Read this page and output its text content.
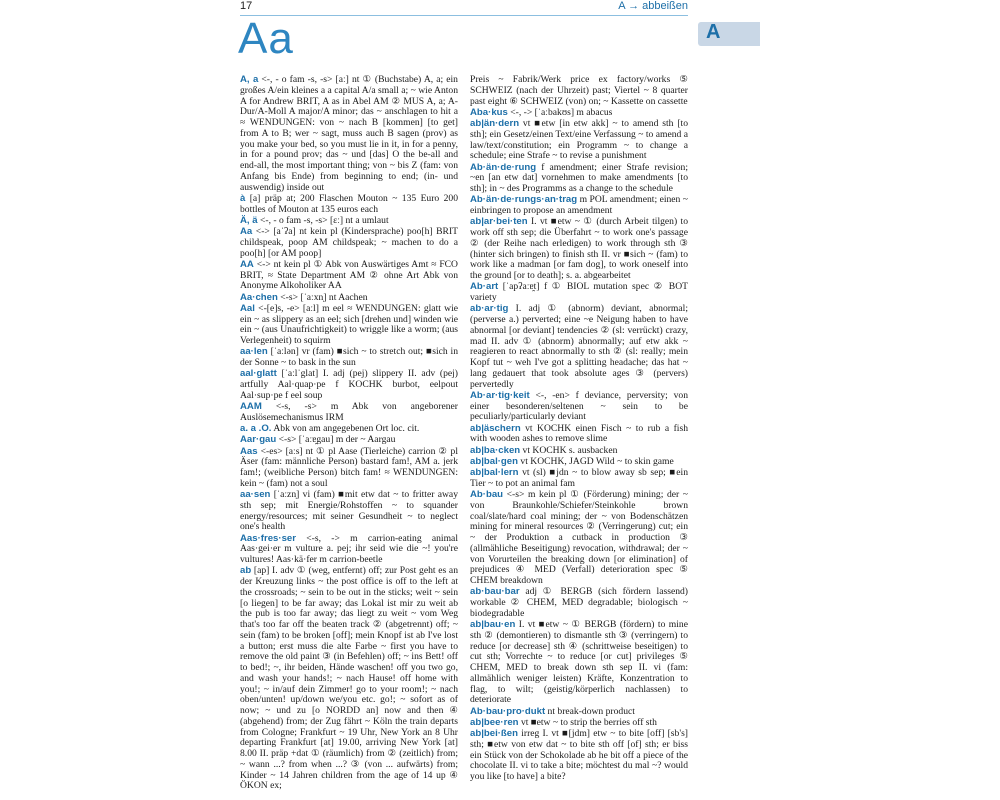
17	A → abbeißen
Aa	A

A, a <-, - o fam -s, -s> [aː] nt ① (Buchstabe) A, a; ein großes A/ein kleines a a capital A/a small a; ~ wie Anton A for Andrew BRIT, A as in Abel AM ② MUS A, a; A-Dur/A-Moll A major/A minor; das ~ anschlagen to hit a ≈ WENDUNGEN: von ~ nach B [kommen] [to get] from A to B; wer ~ sagt, muss auch B sagen (prov) as you make your bed, so you must lie in it, in for a penny, in for a pound prov; das ~ und [das] O the be-all and end-all, the most important thing; von ~ bis Z (fam: von Anfang bis Ende) from beginning to end; (in- und auswendig) inside out

à [a] präp at; 200 Flaschen Mouton ~ 135 Euro 200 bottles of Mouton at 135 euros each

Ä, ä <-, - o fam -s, -s> [ɛː] nt a umlaut

Aa <-> [aˈʔa] nt kein pl (Kindersprache) poo[h] BRIT childspeak, poop AM childspeak; ~ machen to do a poo[h] [or AM poop]

AA <-> nt kein pl ① Abk von Auswärtiges Amt ≈ FCO BRIT, ≈ State Department AM ② ohne Art Abk von Anonyme Alkoholiker AA

Aa·chen <-s> [ˈaːxn̩] nt Aachen

Aal <-[e]s, -e> [aːl] m eel ≈ WENDUNGEN: glatt wie ein ~ as slippery as an eel; sich [drehen und] winden wie ein ~ (aus Unaufrichtigkeit) to wriggle like a worm; (aus Verlegenheit) to squirm

aa·len [ˈaːlən] vr (fam) ■sich ~ to stretch out; ■sich in der Sonne ~ to bask in the sun

aal·glatt [ˈaːlˈglat] I. adj (pej) slippery II. adv (pej) artfully Aal·quap·pe f KOCHK burbot, eelpout Aal·sup·pe f eel soup

AAM <-s, -s> m Abk von angeborener Auslösemechanismus IRM

a. a .O. Abk von am angegebenen Ort loc. cit.

Aar·gau <-s> [ˈaːɐ̯gau] m der ~ Aargau

Aas <-es> [aːs] nt ① pl Aase (Tierleiche) carrion ② pl Äser (fam: männliche Person) bastard fam!, AM a. jerk fam!; (weibliche Person) bitch fam! ≈ WENDUNGEN: kein ~ (fam) not a soul

aa·sen [ˈaːzn̩] vi (fam) ■mit etw dat ~ to fritter away sth sep; mit Energie/Rohstoffen ~ to squander energy/resources; mit seiner Gesundheit ~ to neglect one's health

Aas·fres·ser <-s, -> m carrion-eating animal Aas·gei·er m vulture a. pej; ihr seid wie die ~! you're vultures! Aas·kä·fer m carrion-beetle

ab [ap] I. adv ① (weg, entfernt) off; zur Post geht es an der Kreuzung links ~ the post office is off to the left at the crossroads; ~ sein to be out in the sticks; weit ~ sein [o liegen] to be far away; das Lokal ist mir zu weit ab the pub is too far away; das liegt zu weit ~ vom Weg that's too far off the beaten track ② (abgetrennt) off; ~ sein (fam) to be broken [off]; mein Knopf ist ab I've lost a button; erst muss die alte Farbe ~ first you have to remove the old paint ③ (in Befehlen) off; ~ ins Bett! off to bed!; ~, ihr beiden, Hände waschen! off you two go, and wash your hands!; ~ nach Hause! off home with you!; ~ in/auf dein Zimmer! go to your room!; ~ nach oben/unten! up/down we/you etc. go!; ~ sofort as of now; ~ und zu [o NORDD an] now and then ④ (abgehend) from; der Zug fährt ~ Köln the train departs from Cologne; Frankfurt ~ 19 Uhr, New York an 8 Uhr departing Frankfurt [at] 19.00, arriving New York [at] 8.00 II. präp +dat ① (räumlich) from ② (zeitlich) from; ~ wann ...? from when ...? ③ (von ... aufwärts) from; Kinder ~ 14 Jahren children from the age of 14 up ④ ÖKON ex;

Preis ~ Fabrik/Werk price ex factory/works ⑤ SCHWEIZ (nach der Uhrzeit) past; Viertel ~ 8 quarter past eight ⑥ SCHWEIZ (von) on; ~ Kassette on cassette

Aba·kus <-, -> [ˈaːbakʊs] m abacus

ab|än·dern vt ■etw [in etw akk] ~ to amend sth [to sth]; ein Gesetz/einen Text/eine Verfassung ~ to amend a law/text/constitution; ein Programm ~ to change a schedule; eine Strafe ~ to revise a punishment

Ab·än·de·rung f amendment; einer Strafe revision; ~en [an etw dat] vornehmen to make amendments [to sth]; in ~ des Programms as a change to the schedule

Ab·än·de·rungs·an·trag m POL amendment; einen ~ einbringen to propose an amendment

ab|ar·bei·ten I. vt ■etw ~ ① (durch Arbeit tilgen) to work off sth sep; die Überfahrt ~ to work one's passage ② (der Reihe nach erledigen) to work through sth ③ (hinter sich bringen) to finish sth II. vr ■sich ~ (fam) to work like a madman [or fam dog], to work oneself into the ground [or to death]; s. a. abgearbeitet

Ab·art [ˈapʔaːɐ̯t] f ① BIOL mutation spec ② BOT variety

ab·ar·tig I. adj ① (abnorm) deviant, abnormal; (perverse a.) perverted; eine ~e Neigung haben to have abnormal [or deviant] tendencies ② (sl: verrückt) crazy, mad II. adv ① (abnorm) abnormally; auf etw akk ~ reagieren to react abnormally to sth ② (sl: really; mein Kopf tut ~ weh I've got a splitting headache; das hat ~ lang gedauert that took absolute ages ③ (pervers) pervertedly

Ab·ar·tig·keit <-, -en> f deviance, perversity; von einer besonderen/seltenen ~ sein to be peculiarly/particularly deviant

ab|äschern vt KOCHK einen Fisch ~ to rub a fish with wooden ashes to remove slime

ab|ba·cken vt KOCHK s. ausbacken

ab|bal·gen vt KOCHK, JAGD Wild ~ to skin game

ab|bal·lern vt (sl) ■jdn ~ to blow away sb sep; ■ein Tier ~ to pot an animal fam

Ab·bau <-s> m kein pl ① (Förderung) mining; der ~ von Braunkohle/Schiefer/Steinkohle brown coal/slate/hard coal mining; der ~ von Bodenschätzen mining for mineral resources ② (Verringerung) cut; ein ~ der Produktion a cutback in production ③ (allmähliche Beseitigung) revocation, withdrawal; der ~ von Vorurteilen the breaking down [or elimination] of prejudices ④ MED (Verfall) deterioration spec ⑤ CHEM breakdown

ab·bau·bar adj ① BERGB (sich fördern lassend) workable ② CHEM, MED degradable; biologisch ~ biodegradable

ab|bau·en I. vt ■etw ~ ① BERGB (fördern) to mine sth ② (demontieren) to dismantle sth ③ (verringern) to reduce [or decrease] sth ④ (schrittweise beseitigen) to cut sth; Vorrechte ~ to reduce [or cut] privileges ⑤ CHEM, MED to break down sth sep II. vi (fam: allmählich weniger leisten) Kräfte, Konzentration to flag, to wilt; (geistig/körperlich nachlassen) to deteriorate

Ab·bau·pro·dukt nt break-down product

ab|bee·ren vt ■etw ~ to strip the berries off sth

ab|bei·ßen irreg I. vt ■[jdm] etw ~ to bite [off] [sb's] sth; ■etw von etw dat ~ to bite sth off [of] sth; er biss ein Stück von der Schokolade ab he bit off a piece of the chocolate II. vi to take a bite; möchtest du mal ~? would you like [to have] a bite?
